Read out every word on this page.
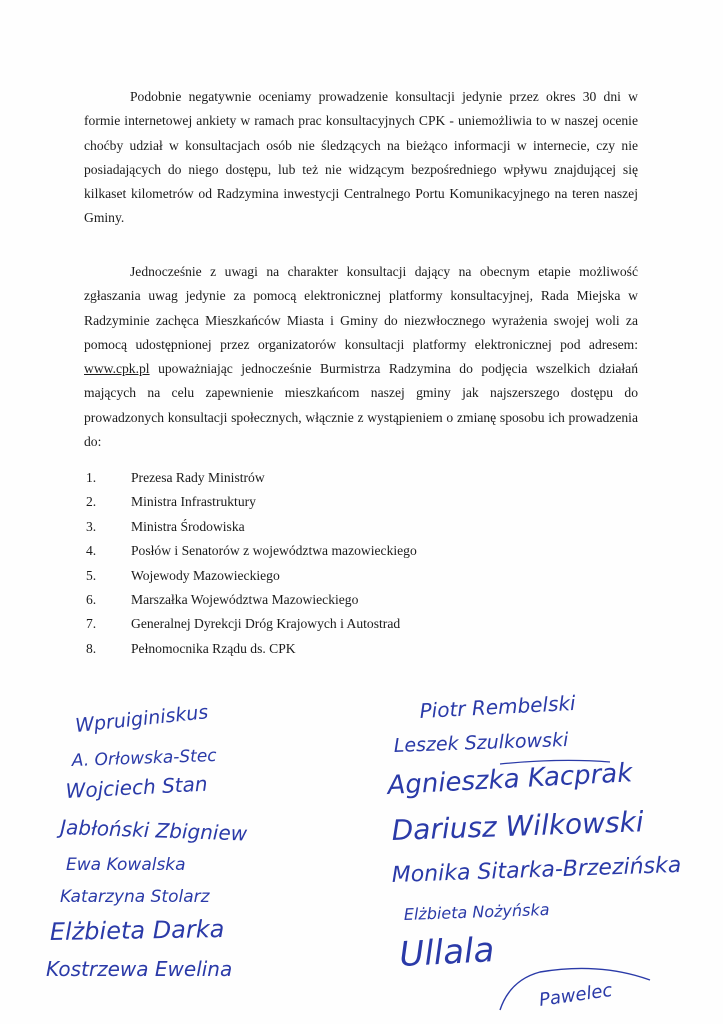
Podobnie negatywnie oceniamy prowadzenie konsultacji jedynie przez okres 30 dni w formie internetowej ankiety w ramach prac konsultacyjnych CPK - uniemożliwia to w naszej ocenie choćby udział w konsultacjach osób nie śledzących na bieżąco informacji w internecie, czy nie posiadających do niego dostępu, lub też nie widzącym bezpośredniego wpływu znajdującej się kilkaset kilometrów od Radzymina inwestycji Centralnego Portu Komunikacyjnego na teren naszej Gminy.

Jednocześnie z uwagi na charakter konsultacji dający na obecnym etapie możliwość zgłaszania uwag jedynie za pomocą elektronicznej platformy konsultacyjnej, Rada Miejska w Radzyminie zachęca Mieszkańców Miasta i Gminy do niezwłocznego wyrażenia swojej woli za pomocą udostępnionej przez organizatorów konsultacji platformy elektronicznej pod adresem: www.cpk.pl upoważniając jednocześnie Burmistrza Radzymina do podjęcia wszelkich działań mających na celu zapewnienie mieszkańcom naszej gminy jak najszerszego dostępu do prowadzonych konsultacji społecznych, włącznie z wystąpieniem o zmianę sposobu ich prowadzenia do:

1.	Prezesa Rady Ministrów
2.	Ministra Infrastruktury
3.	Ministra Środowiska
4.	Posłów i Senatorów z województwa mazowieckiego
5.	Wojewody Mazowieckiego
6.	Marszałka Województwa Mazowieckiego
7.	Generalnej Dyrekcji Dróg Krajowych i Autostrad
8.	Pełnomocnika Rządu ds. CPK
Wpruiginiskus
A. Orłowska-Stec
Wojciech Stan
Jabłoński Zbigniew
Ewa Kowalska
Katarzyna Stolarz
Elżbieta Darka
Kostrzewa Ewelina
Piotr Rembelski
Leszek Szulkowski
Agnieszka Kacprak
Dariusz Wilkowski
Monika Sitarka-Brzezińska
Elżbieta Nożyńska
Ullala
Pawelec
